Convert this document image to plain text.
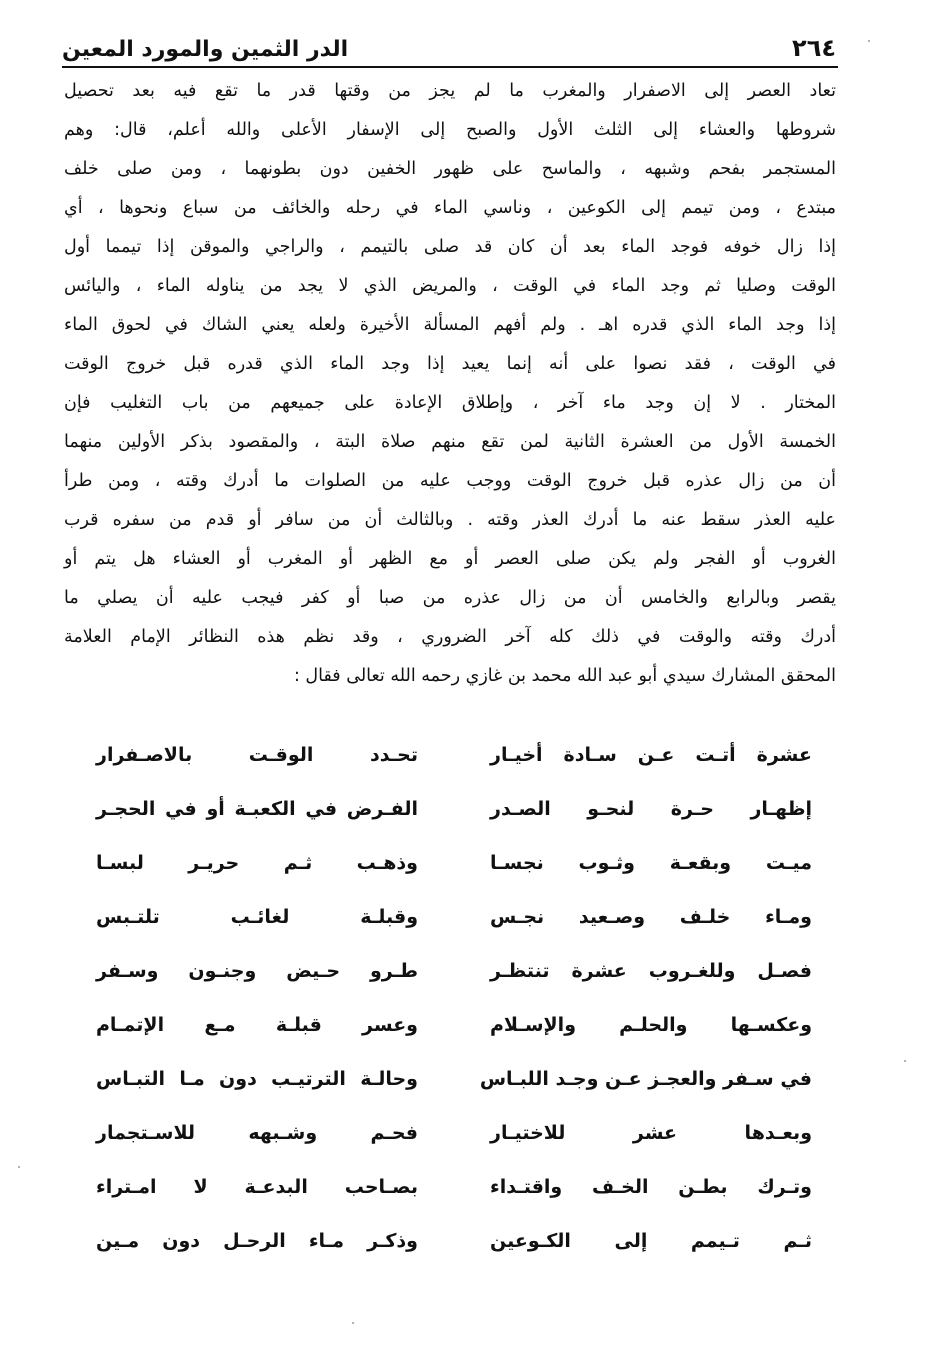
٢٦٤
الدر الثمين والمورد المعين
تعاد العصر إلى الاصفرار والمغرب ما لم يجز من وقتها قدر ما تقع فيه بعد تحصيل
شروطها والعشاء إلى الثلث الأول والصبح إلى الإسفار الأعلى والله أعلم، قال: وهم
المستجمر بفحم وشبهه ، والماسح على ظهور الخفين دون بطونهما ، ومن صلى خلف
مبتدع ، ومن تيمم إلى الكوعين ، وناسي الماء في رحله والخائف من سباع ونحوها ، أي
إذا زال خوفه فوجد الماء بعد أن كان قد صلى بالتيمم ، والراجي والموقن إذا تيمما أول
الوقت وصليا ثم وجد الماء في الوقت ، والمريض الذي لا يجد من يناوله الماء ، واليائس
إذا وجد الماء الذي قدره اهـ . ولم أفهم المسألة الأخيرة ولعله يعني الشاك في لحوق الماء
في الوقت ، فقد نصوا على أنه إنما يعيد إذا وجد الماء الذي قدره قبل خروج الوقت
المختار . لا إن وجد ماء آخر ، وإطلاق الإعادة على جميعهم من باب التغليب فإن
الخمسة الأول من العشرة الثانية لمن تقع منهم صلاة البتة ، والمقصود بذكر الأولين منهما
أن من زال عذره قبل خروج الوقت ووجب عليه من الصلوات ما أدرك وقته ، ومن طرأ
عليه العذر سقط عنه ما أدرك العذر وقته . وبالثالث أن من سافر أو قدم من سفره قرب
الغروب أو الفجر ولم يكن صلى العصر أو مع الظهر أو المغرب أو العشاء هل يتم أو
يقصر وبالرابع والخامس أن من زال عذره من صبا أو كفر فيجب عليه أن يصلي ما
أدرك وقته والوقت في ذلك كله آخر الضروري ، وقد نظم هذه النظائر الإمام العلامة
المحقق المشارك سيدي أبو عبد الله محمد بن غازي رحمه الله تعالى فقال :
عشرة أتـت عـن سـادة أخيـار
تحـدد الوقـت بالاصـفرار
إظهـار حـرة لنحـو الصـدر
الفـرض في الكعبـة أو في الحجـر
ميـت وبقعـة وثـوب نجسـا
وذهـب ثـم حريـر لبسـا
ومـاء خلـف وصـعيد نجـس
وقبلـة لغائـب تلتـبس
فصـل وللغـروب عشرة تنتظـر
طـرو حـيض وجنـون وسـفر
وعكسـها والحلـم والإسـلام
وعسر قبلـة مـع الإتمـام
في سـفر والعجـز عـن وجـد اللبـاس
وحالـة الترتيـب دون مـا التبـاس
وبعـدها عشر للاختيـار
فحـم وشـبهه للاسـتجمار
وتـرك بطـن الخـف واقتـداء
بصـاحب البدعـة لا امـتراء
ثـم تـيمم إلى الكـوعين
وذكـر مـاء الرحـل دون مـين
